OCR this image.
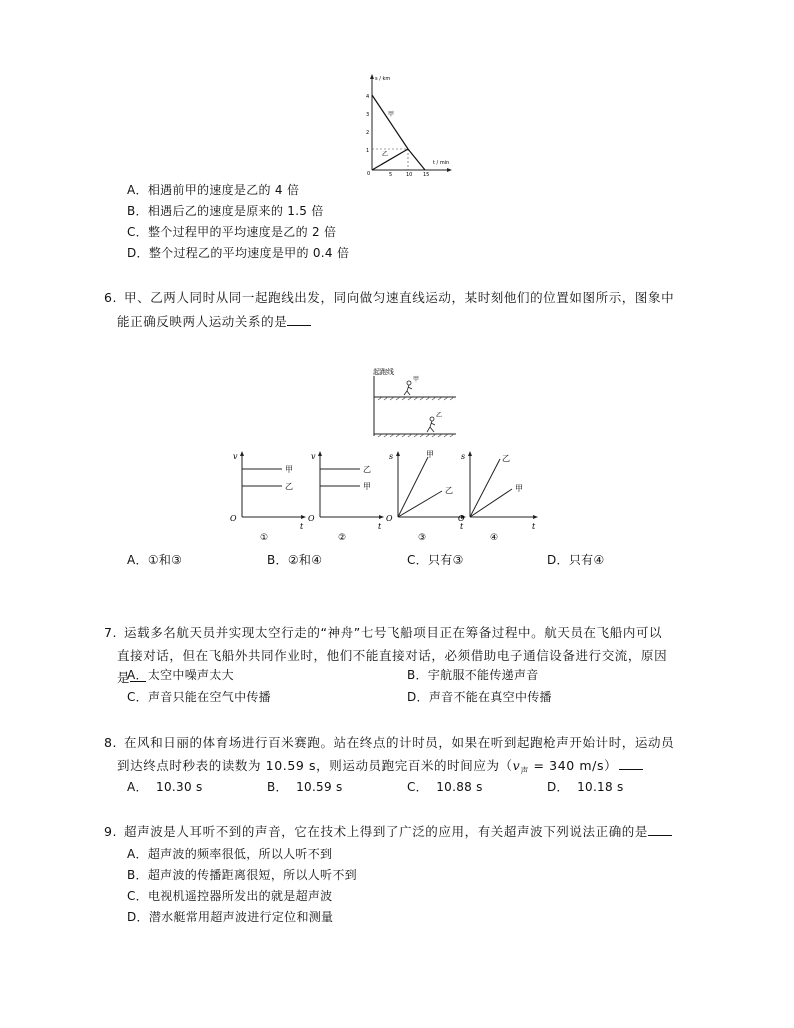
s / km
t / min
4
3
2
1
0	5	10 15
甲
乙
A．相遇前甲的速度是乙的 4 倍
B．相遇后乙的速度是原来的 1.5 倍
C．整个过程甲的平均速度是乙的 2 倍
D．整个过程乙的平均速度是甲的 0.4 倍
6. 甲、乙两人同时从同一起跑线出发，同向做匀速直线运动，某时刻他们的位置如图所示，图象中
能正确反映两人运动关系的是
起跑线
甲
乙
v
t
O
甲
乙
①
v
t
O
乙
甲
②
s
t
O
甲
乙
③
s
t
O
乙
甲
④
A．①和③	B．②和④	C．只有③	D．只有④
7. 运载多名航天员并实现太空行走的“神舟”七号飞船项目正在筹备过程中。航天员在飞船内可以
直接对话，但在飞船外共同作业时，他们不能直接对话，必须借助电子通信设备进行交流，原因
是
A．太空中噪声太大	B．宇航服不能传递声音
C．声音只能在空气中传播	D．声音不能在真空中传播
8. 在风和日丽的体育场进行百米赛跑。站在终点的计时员，如果在听到起跑枪声开始计时，运动员
到达终点时秒表的读数为 10.59 s，则运动员跑完百米的时间应为（$v_声 = 340$ m/s）
A． 10.30 s	B． 10.59 s	C． 10.88 s	D． 10.18 s
9. 超声波是人耳听不到的声音，它在技术上得到了广泛的应用，有关超声波下列说法正确的是
A．超声波的频率很低，所以人听不到
B．超声波的传播距离很短，所以人听不到
C．电视机遥控器所发出的就是超声波
D．潜水艇常用超声波进行定位和测量
